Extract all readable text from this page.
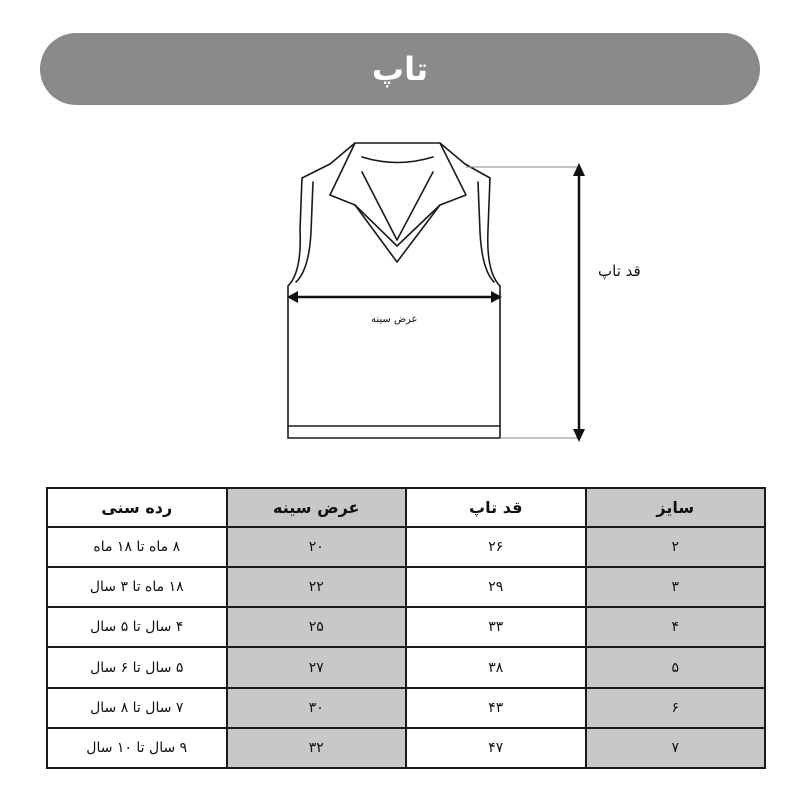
تاپ
قد تاپ
عرض سینه
سایز	قد تاپ	عرض سینه	رده سنی
۲	۲۶	۲۰	۸ ماه تا ۱۸ ماه
۳	۲۹	۲۲	۱۸ ماه تا ۳ سال
۴	۳۳	۲۵	۴ سال تا ۵ سال
۵	۳۸	۲۷	۵ سال تا ۶ سال
۶	۴۳	۳۰	۷ سال تا ۸ سال
۷	۴۷	۳۲	۹ سال تا ۱۰ سال
